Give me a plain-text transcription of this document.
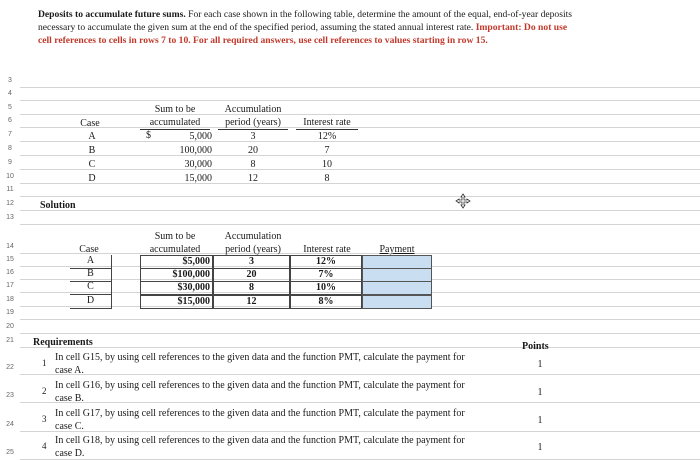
Deposits to accumulate future sums. For each case shown in the following table, determine the amount of the equal, end-of-year deposits necessary to accumulate the given sum at the end of the specified period, assuming the stated annual interest rate. Important: Do not use cell references to cells in rows 7 to 10. For all required answers, use cell references to values starting in row 15.
3
4
5
6
7
8
9
10
11
12
13
14
15
16
17
18
19
20
21
22
23
24
25
Case
Sum to be
accumulated
Accumulation
period (years)	Interest rate
$
A	5,000	3	12%
B	100,000	20	7
C	30,000	8	10
D	15,000	12	8
Solution
Case
Sum to be
accumulated
Accumulation
period (years)	Interest rate	Payment
A	$5,000	3	12%
B	$100,000	20	7%
C	$30,000	8	10%
D	$15,000	12	8%
Requirements	Points
1 In cell G15, by using cell references to the given data and the function PMT, calculate the payment for
case A.
1
2 In cell G16, by using cell references to the given data and the function PMT, calculate the payment for
case B.
1
3 In cell G17, by using cell references to the given data and the function PMT, calculate the payment for
case C.
1
4 In cell G18, by using cell references to the given data and the function PMT, calculate the payment for
case D.
1
